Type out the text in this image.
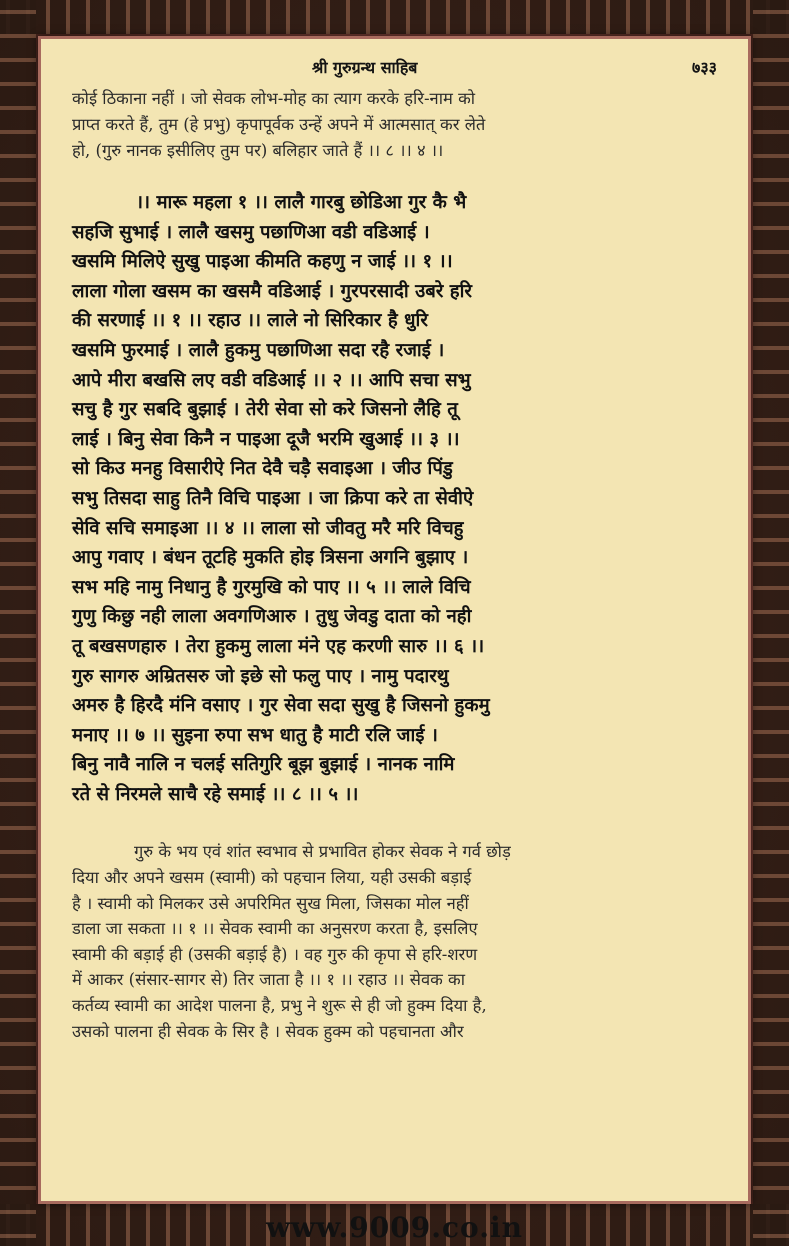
श्री गुरुग्रन्थ साहिब	७३३
कोई ठिकाना नहीं । जो सेवक लोभ-मोह का त्याग करके हरि-नाम को
प्राप्त करते हैं, तुम (हे प्रभु) कृपापूर्वक उन्हें अपने में आत्मसात् कर लेते
हो, (गुरु नानक इसीलिए तुम पर) बलिहार जाते हैं ।। ८ ।। ४ ।।
।। मारू महला १ ।। लालै गारबु छोडिआ गुर कै भै
सहजि सुभाई । लालै खसमु पछाणिआ वडी वडिआई ।
खसमि मिलिऐ सुखु पाइआ कीमति कहणु न जाई ।। १ ।।
लाला गोला खसम का खसमै वडिआई । गुरपरसादी उबरे हरि
की सरणाई ।। १ ।। रहाउ ।। लाले नो सिरिकार है धुरि
खसमि फुरमाई । लालै हुकमु पछाणिआ सदा रहै रजाई ।
आपे मीरा बखसि लए वडी वडिआई ।। २ ।। आपि सचा सभु
सचु है गुर सबदि बुझाई । तेरी सेवा सो करे जिसनो लैहि तू
लाई । बिनु सेवा किनै न पाइआ दूजै भरमि खुआई ।। ३ ।।
सो किउ मनहु विसारीऐ नित देवै चड़ै सवाइआ । जीउ पिंडु
सभु तिसदा साहु तिनै विचि पाइआ । जा क्रिपा करे ता सेवीऐ
सेवि सचि समाइआ ।। ४ ।। लाला सो जीवतु मरै मरि विचहु
आपु गवाए । बंधन तूटहि मुकति होइ त्रिसना अगनि बुझाए ।
सभ महि नामु निधानु है गुरमुखि को पाए ।। ५ ।। लाले विचि
गुणु किछु नही लाला अवगणिआरु । तुधु जेवडु दाता को नही
तू बखसणहारु । तेरा हुकमु लाला मंने एह करणी सारु ।। ६ ।।
गुरु सागरु अम्रितसरु जो इछे सो फलु पाए । नामु पदारथु
अमरु है हिरदै मंनि वसाए । गुर सेवा सदा सुखु है जिसनो हुकमु
मनाए ।। ७ ।। सुइना रुपा सभ धातु है माटी रलि जाई ।
बिनु नावै नालि न चलई सतिगुरि बूझ बुझाई । नानक नामि
रते से निरमले साचै रहे समाई ।। ८ ।। ५ ।।
गुरु के भय एवं शांत स्वभाव से प्रभावित होकर सेवक ने गर्व छोड़
दिया और अपने खसम (स्वामी) को पहचान लिया, यही उसकी बड़ाई
है । स्वामी को मिलकर उसे अपरिमित सुख मिला, जिसका मोल नहीं
डाला जा सकता ।। १ ।। सेवक स्वामी का अनुसरण करता है, इसलिए
स्वामी की बड़ाई ही (उसकी बड़ाई है) । वह गुरु की कृपा से हरि-शरण
में आकर (संसार-सागर से) तिर जाता है ।। १ ।। रहाउ ।। सेवक का
कर्तव्य स्वामी का आदेश पालना है, प्रभु ने शुरू से ही जो हुक्म दिया है,
उसको पालना ही सेवक के सिर है । सेवक हुक्म को पहचानता और
www.9009.co.in
